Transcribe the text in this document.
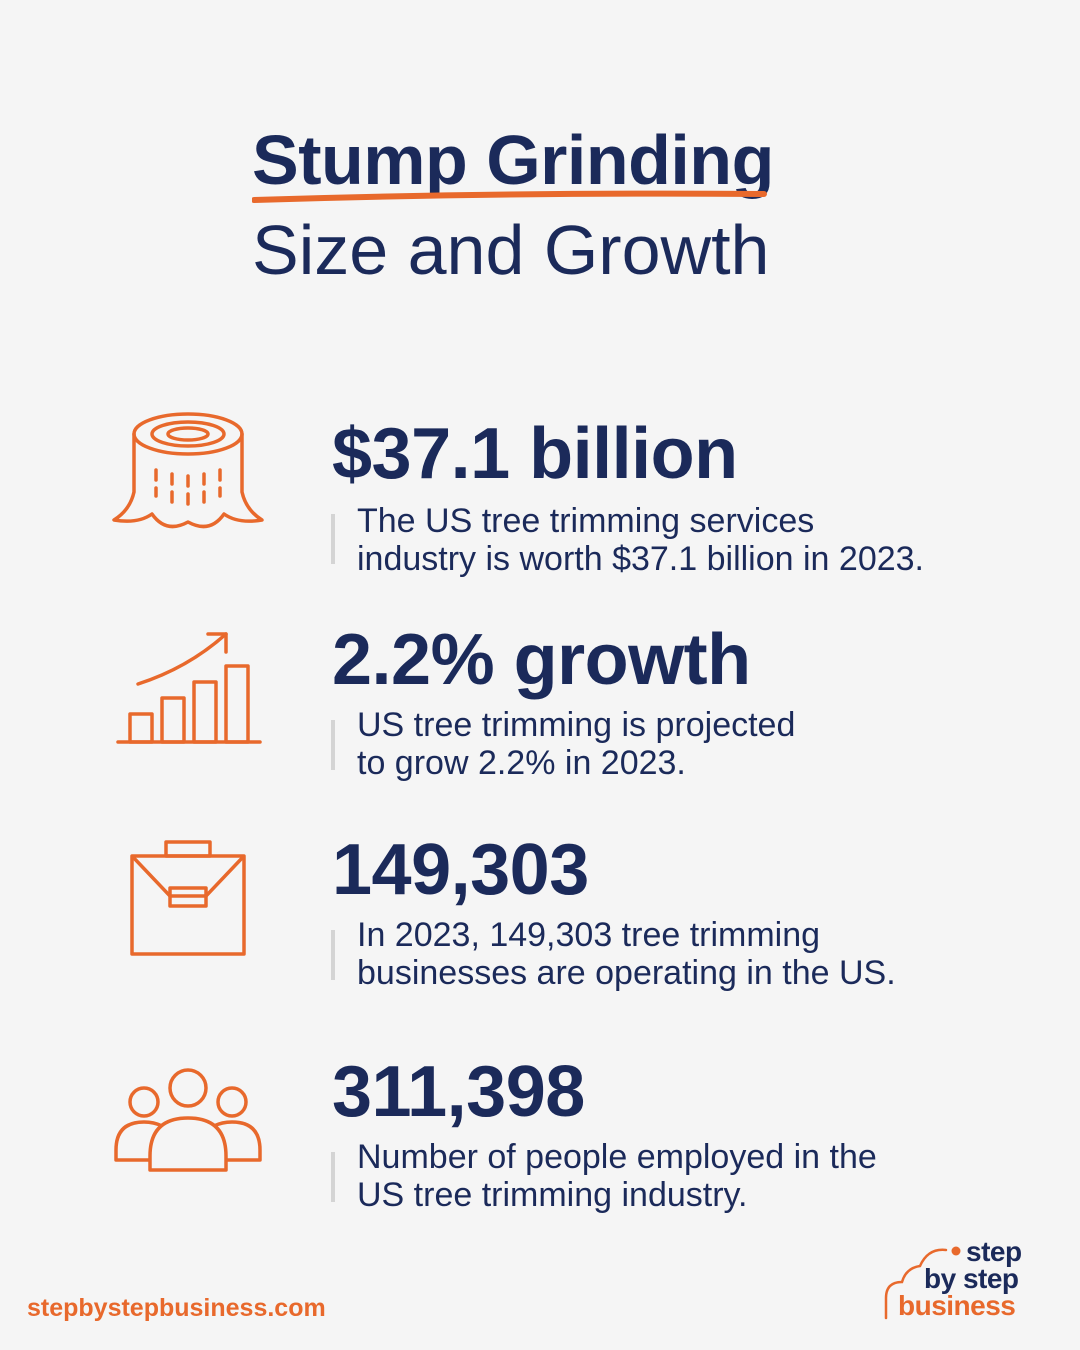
Stump Grinding
Size and Growth
$37.1 billion
The US tree trimming services
industry is worth $37.1 billion in 2023.
2.2% growth
US tree trimming is projected
to grow 2.2% in 2023.
149,303
In 2023, 149,303 tree trimming
businesses are operating in the US.
311,398
Number of people employed in the
US tree trimming industry.
stepbystepbusiness.com
step
by step
business
